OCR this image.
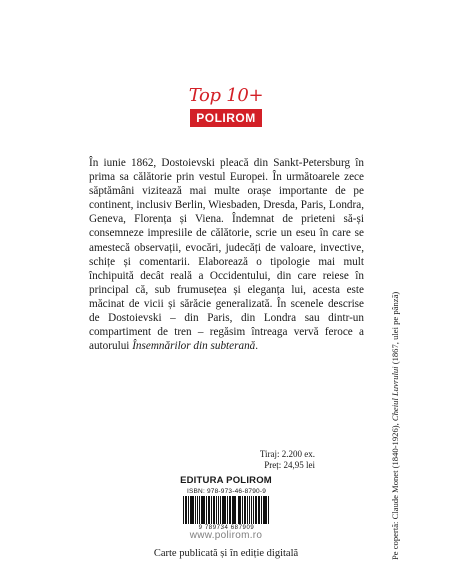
Top 10+
POLIROM

În iunie 1862, Dostoievski pleacă din Sankt-Petersburg în prima sa călătorie prin vestul Europei. În următoarele zece săptămâni vizitează mai multe orașe importante de pe continent, inclusiv Berlin, Wiesbaden, Dresda, Paris, Londra, Geneva, Florența și Viena. Îndemnat de prieteni să-și consemneze impresiile de călătorie, scrie un eseu în care se amestecă observații, evocări, judecăți de valoare, invective, schițe și comentarii. Elaborează o tipologie mai mult închipuită decât reală a Occidentului, din care reiese în principal că, sub frumusețea și eleganța lui, acesta este măcinat de vicii și sărăcie generalizată. În scenele descrise de Dostoievski – din Paris, din Londra sau dintr-un compartiment de tren – regăsim întreaga vervă feroce a autorului Însemnărilor din subterană.

Tiraj: 2.200 ex.
Preț: 24,95 lei
EDITURA POLIROM
ISBN: 978-973-46-8790-9
9 789734 687909
www.polirom.ro
Carte publicată și în ediție digitală	Pe copertă: Claude Monet (1840-1926), Cheiul Luvrului (1867, ulei pe pânză)
